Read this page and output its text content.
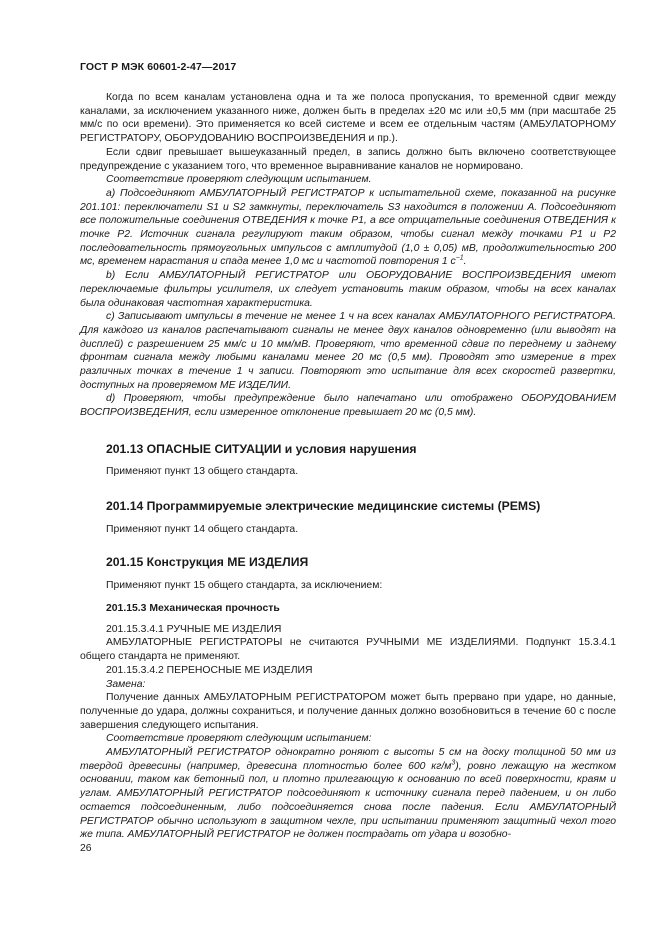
ГОСТ Р МЭК 60601-2-47—2017

Когда по всем каналам установлена одна и та же полоса пропускания, то временной сдвиг между каналами, за исключением указанного ниже, должен быть в пределах ±20 мс или ±0,5 мм (при масштабе 25 мм/с по оси времени). Это применяется ко всей системе и всем ее отдельным частям (АМБУЛАТОРНОМУ РЕГИСТРАТОРУ, ОБОРУДОВАНИЮ ВОСПРОИЗВЕДЕНИЯ и пр.).

Если сдвиг превышает вышеуказанный предел, в запись должно быть включено соответствующее предупреждение с указанием того, что временное выравнивание каналов не нормировано.

Соответствие проверяют следующим испытанием.

а) Подсоединяют АМБУЛАТОРНЫЙ РЕГИСТРАТОР к испытательной схеме, показанной на рисунке 201.101: переключатели S1 и S2 замкнуты, переключатель S3 находится в положении А. Подсоединяют все положительные соединения ОТВЕДЕНИЯ к точке Р1, а все отрицательные соединения ОТВЕДЕНИЯ к точке Р2. Источник сигнала регулируют таким образом, чтобы сигнал между точками Р1 и Р2 последовательность прямоугольных импульсов с амплитудой (1,0 ± 0,05) мВ, продолжительностью 200 мс, временем нарастания и спада менее 1,0 мс и частотой повторения 1 $с^{-1}$.

b) Если АМБУЛАТОРНЫЙ РЕГИСТРАТОР или ОБОРУДОВАНИЕ ВОСПРОИЗВЕДЕНИЯ имеют переключаемые фильтры усилителя, их следует установить таким образом, чтобы на всех каналах была одинаковая частотная характеристика.

c) Записывают импульсы в течение не менее 1 ч на всех каналах АМБУЛАТОРНОГО РЕГИСТРАТОРА. Для каждого из каналов распечатывают сигналы не менее двух каналов одновременно (или выводят на дисплей) с разрешением 25 мм/с и 10 мм/мВ. Проверяют, что временной сдвиг по переднему и заднему фронтам сигнала между любыми каналами менее 20 мс (0,5 мм). Проводят это измерение в трех различных точках в течение 1 ч записи. Повторяют это испытание для всех скоростей развертки, доступных на проверяемом МЕ ИЗДЕЛИИ.

d) Проверяют, чтобы предупреждение было напечатано или отображено ОБОРУДОВАНИЕМ ВОСПРОИЗВЕДЕНИЯ, если измеренное отклонение превышает 20 мс (0,5 мм).

201.13 ОПАСНЫЕ СИТУАЦИИ и условия нарушения

Применяют пункт 13 общего стандарта.

201.14 Программируемые электрические медицинские системы (PEMS)

Применяют пункт 14 общего стандарта.

201.15 Конструкция МЕ ИЗДЕЛИЯ

Применяют пункт 15 общего стандарта, за исключением:

201.15.3 Механическая прочность

201.15.3.4.1 РУЧНЫЕ МЕ ИЗДЕЛИЯ

АМБУЛАТОРНЫЕ РЕГИСТРАТОРЫ не считаются РУЧНЫМИ МЕ ИЗДЕЛИЯМИ. Подпункт 15.3.4.1 общего стандарта не применяют.

201.15.3.4.2 ПЕРЕНОСНЫЕ МЕ ИЗДЕЛИЯ

Замена:

Получение данных АМБУЛАТОРНЫМ РЕГИСТРАТОРОМ может быть прервано при ударе, но данные, полученные до удара, должны сохраниться, и получение данных должно возобновиться в течение 60 с после завершения следующего испытания.

Соответствие проверяют следующим испытанием:

АМБУЛАТОРНЫЙ РЕГИСТРАТОР однократно роняют с высоты 5 см на доску толщиной 50 мм из твердой древесины (например, древесина плотностью более 600 $кг/м^3$), ровно лежащую на жестком основании, таком как бетонный пол, и плотно прилегающую к основанию по всей поверхности, краям и углам. АМБУЛАТОРНЫЙ РЕГИСТРАТОР подсоединяют к источнику сигнала перед падением, и он либо остается подсоединенным, либо подсоединяется снова после падения. Если АМБУЛАТОРНЫЙ РЕГИСТРАТОР обычно используют в защитном чехле, при испытании применяют защитный чехол того же типа. АМБУЛАТОРНЫЙ РЕГИСТРАТОР не должен пострадать от удара и возобно-

26
